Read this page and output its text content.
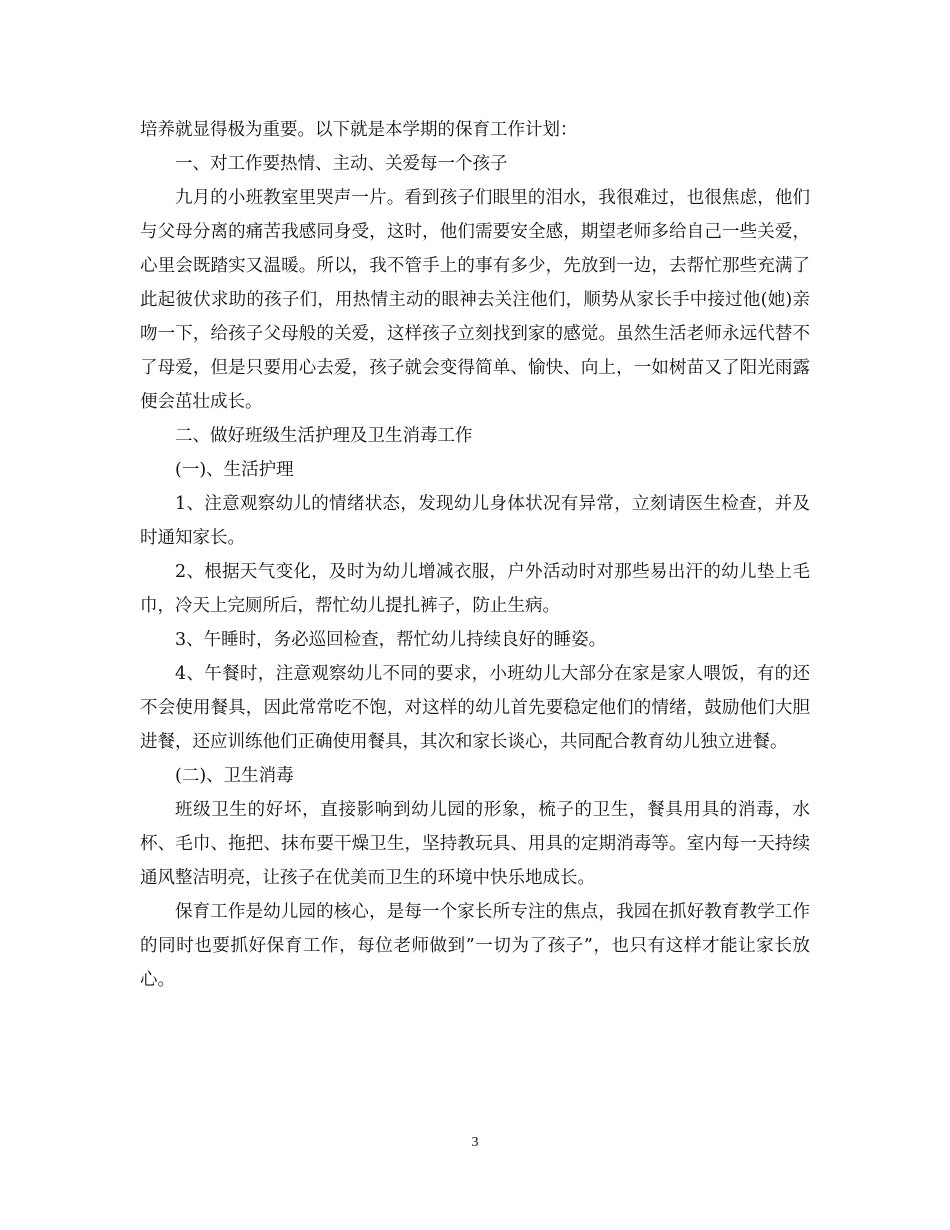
培养就显得极为重要。以下就是本学期的保育工作计划：

一、对工作要热情、主动、关爱每一个孩子

九月的小班教室里哭声一片。看到孩子们眼里的泪水，我很难过，也很焦虑，他们与父母分离的痛苦我感同身受，这时，他们需要安全感，期望老师多给自己一些关爱，心里会既踏实又温暖。所以，我不管手上的事有多少，先放到一边，去帮忙那些充满了此起彼伏求助的孩子们，用热情主动的眼神去关注他们，顺势从家长手中接过他(她)亲吻一下，给孩子父母般的关爱，这样孩子立刻找到家的感觉。虽然生活老师永远代替不了母爱，但是只要用心去爱，孩子就会变得简单、愉快、向上，一如树苗又了阳光雨露便会茁壮成长。

二、做好班级生活护理及卫生消毒工作

(一)、生活护理

1、注意观察幼儿的情绪状态，发现幼儿身体状况有异常，立刻请医生检查，并及时通知家长。

2、根据天气变化，及时为幼儿增减衣服，户外活动时对那些易出汗的幼儿垫上毛巾，冷天上完厕所后，帮忙幼儿提扎裤子，防止生病。

3、午睡时，务必巡回检查，帮忙幼儿持续良好的睡姿。

4、午餐时，注意观察幼儿不同的要求，小班幼儿大部分在家是家人喂饭，有的还不会使用餐具，因此常常吃不饱，对这样的幼儿首先要稳定他们的情绪，鼓励他们大胆进餐，还应训练他们正确使用餐具，其次和家长谈心，共同配合教育幼儿独立进餐。

(二)、卫生消毒

班级卫生的好坏，直接影响到幼儿园的形象，梳子的卫生，餐具用具的消毒，水杯、毛巾、拖把、抹布要干燥卫生，坚持教玩具、用具的定期消毒等。室内每一天持续通风整洁明亮，让孩子在优美而卫生的环境中快乐地成长。

保育工作是幼儿园的核心，是每一个家长所专注的焦点，我园在抓好教育教学工作的同时也要抓好保育工作，每位老师做到”一切为了孩子”，也只有这样才能让家长放心。

3
